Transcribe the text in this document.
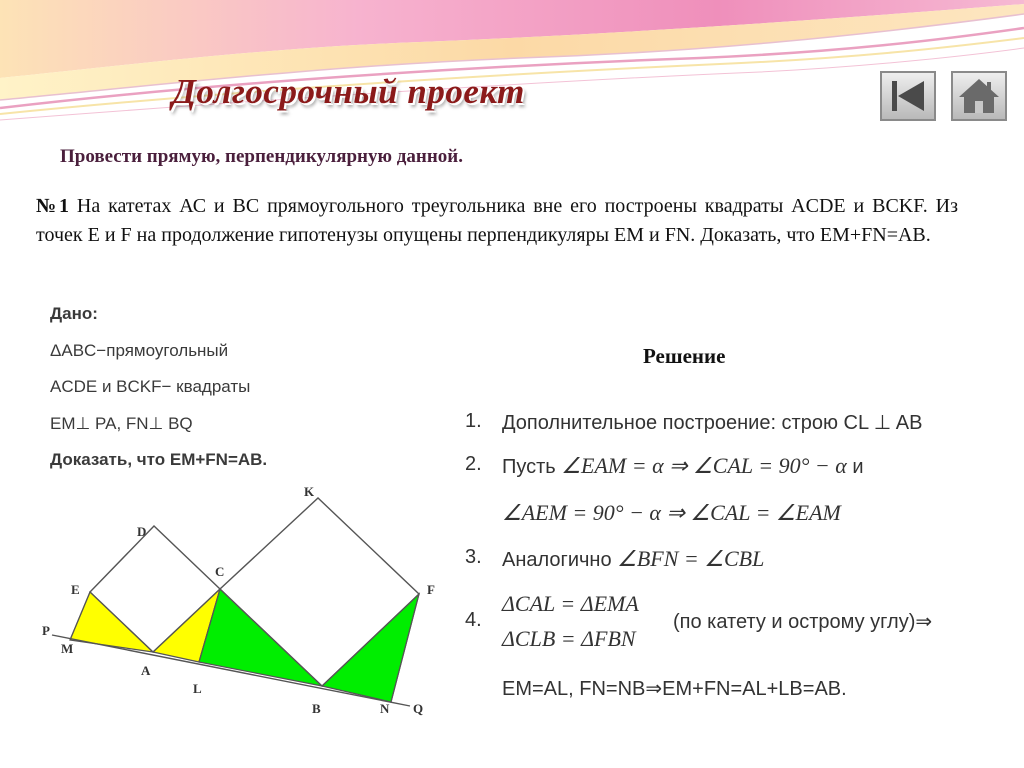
Долгосрочный проект
Провести прямую, перпендикулярную данной.
№1 На катетах АС и ВС прямоугольного треугольника вне его построены квадраты ACDE и BCKF. Из точек E и F на продолжение гипотенузы опущены перпендикуляры ЕМ и FN. Доказать, что ЕМ+FN=АВ.
Дано:
ΔABC−прямоугольный
ACDE и BCKF− квадраты
EM⊥ PA, FN⊥ BQ
Доказать, что EM+FN=AB.
Решение
1. Дополнительное построение: строю CL ⊥ AB
2. Пусть ∠EAM = α ⇒ ∠CAL = 90° − α и
∠AEM = 90° − α ⇒ ∠CAL = ∠EAM
3. Аналогично ∠BFN = ∠CBL
4.
ΔCAL = ΔEMA
ΔCLB = ΔFBN
(по катету и острому углу)⇒
EM=AL, FN=NB⇒EM+FN=AL+LB=AB.
D
K
C
E	F
P
M
A
L
B	N Q
